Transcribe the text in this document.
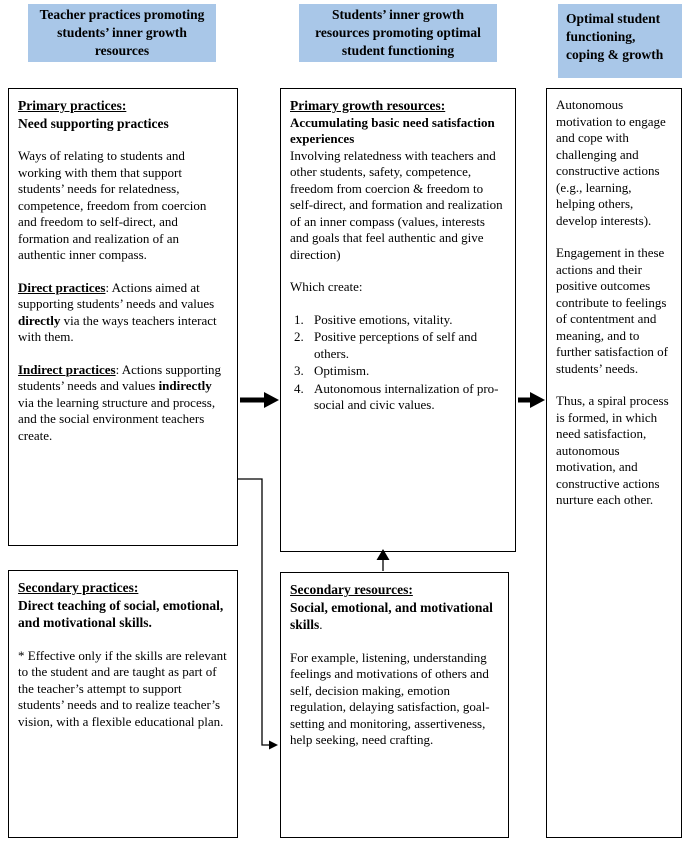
Teacher practices promoting students’ inner growth resources
Students’ inner growth resources promoting optimal student functioning
Optimal student functioning, coping & growth

Primary practices:

Need supporting practices

Ways of relating to students and working with them that support students’ needs for relatedness, competence, freedom from coercion and freedom to self-direct, and formation and realization of an authentic inner compass.

Direct practices: Actions aimed at supporting students’ needs and values directly via the ways teachers interact with them.

Indirect practices: Actions supporting students’ needs and values indirectly via the learning structure and process, and the social environment teachers create.

Secondary practices:

Direct teaching of social, emotional, and motivational skills.

* Effective only if the skills are relevant to the student and are taught as part of the teacher’s attempt to support students’ needs and to realize teacher’s vision, with a flexible educational plan.

Primary growth resources:

Accumulating basic need satisfaction experiences

Involving relatedness with teachers and other students, safety, competence, freedom from coercion & freedom to self-direct, and formation and realization of an inner compass (values, interests and goals that feel authentic and give direction)

Which create:

1. Positive emotions, vitality.
2. Positive perceptions of self and others.
3. Optimism.
4. Autonomous internalization of pro-social and civic values.

Secondary resources:

Social, emotional, and motivational skills.

For example, listening, understanding feelings and motivations of others and self, decision making, emotion regulation, delaying satisfaction, goal-setting and monitoring, assertiveness, help seeking, need crafting.

Autonomous motivation to engage and cope with challenging and constructive actions (e.g., learning, helping others, develop interests).

Engagement in these actions and their positive outcomes contribute to feelings of contentment and meaning, and to further satisfaction of students’ needs.

Thus, a spiral process is formed, in which need satisfaction, autonomous motivation, and constructive actions nurture each other.
